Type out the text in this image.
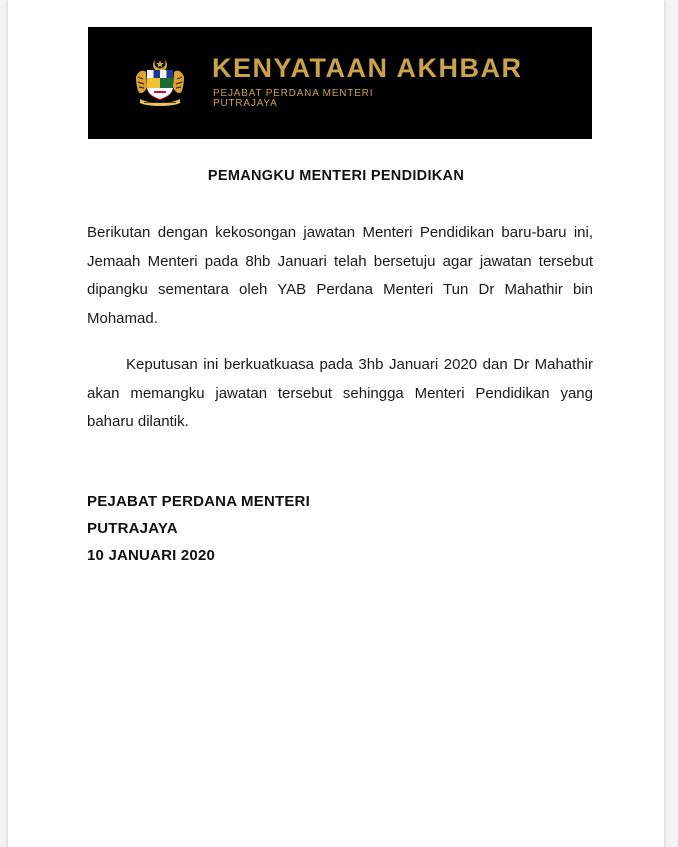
KENYATAAN AKHBAR
PEJABAT PERDANA MENTERI
PUTRAJAYA
PEMANGKU MENTERI PENDIDIKAN
Berikutan dengan kekosongan jawatan Menteri Pendidikan baru-baru ini, Jemaah Menteri pada 8hb Januari telah bersetuju agar jawatan tersebut dipangku sementara oleh YAB Perdana Menteri Tun Dr Mahathir bin Mohamad.
Keputusan ini berkuatkuasa pada 3hb Januari 2020 dan Dr Mahathir akan memangku jawatan tersebut sehingga Menteri Pendidikan yang baharu dilantik.
PEJABAT PERDANA MENTERI
PUTRAJAYA
10 JANUARI 2020
